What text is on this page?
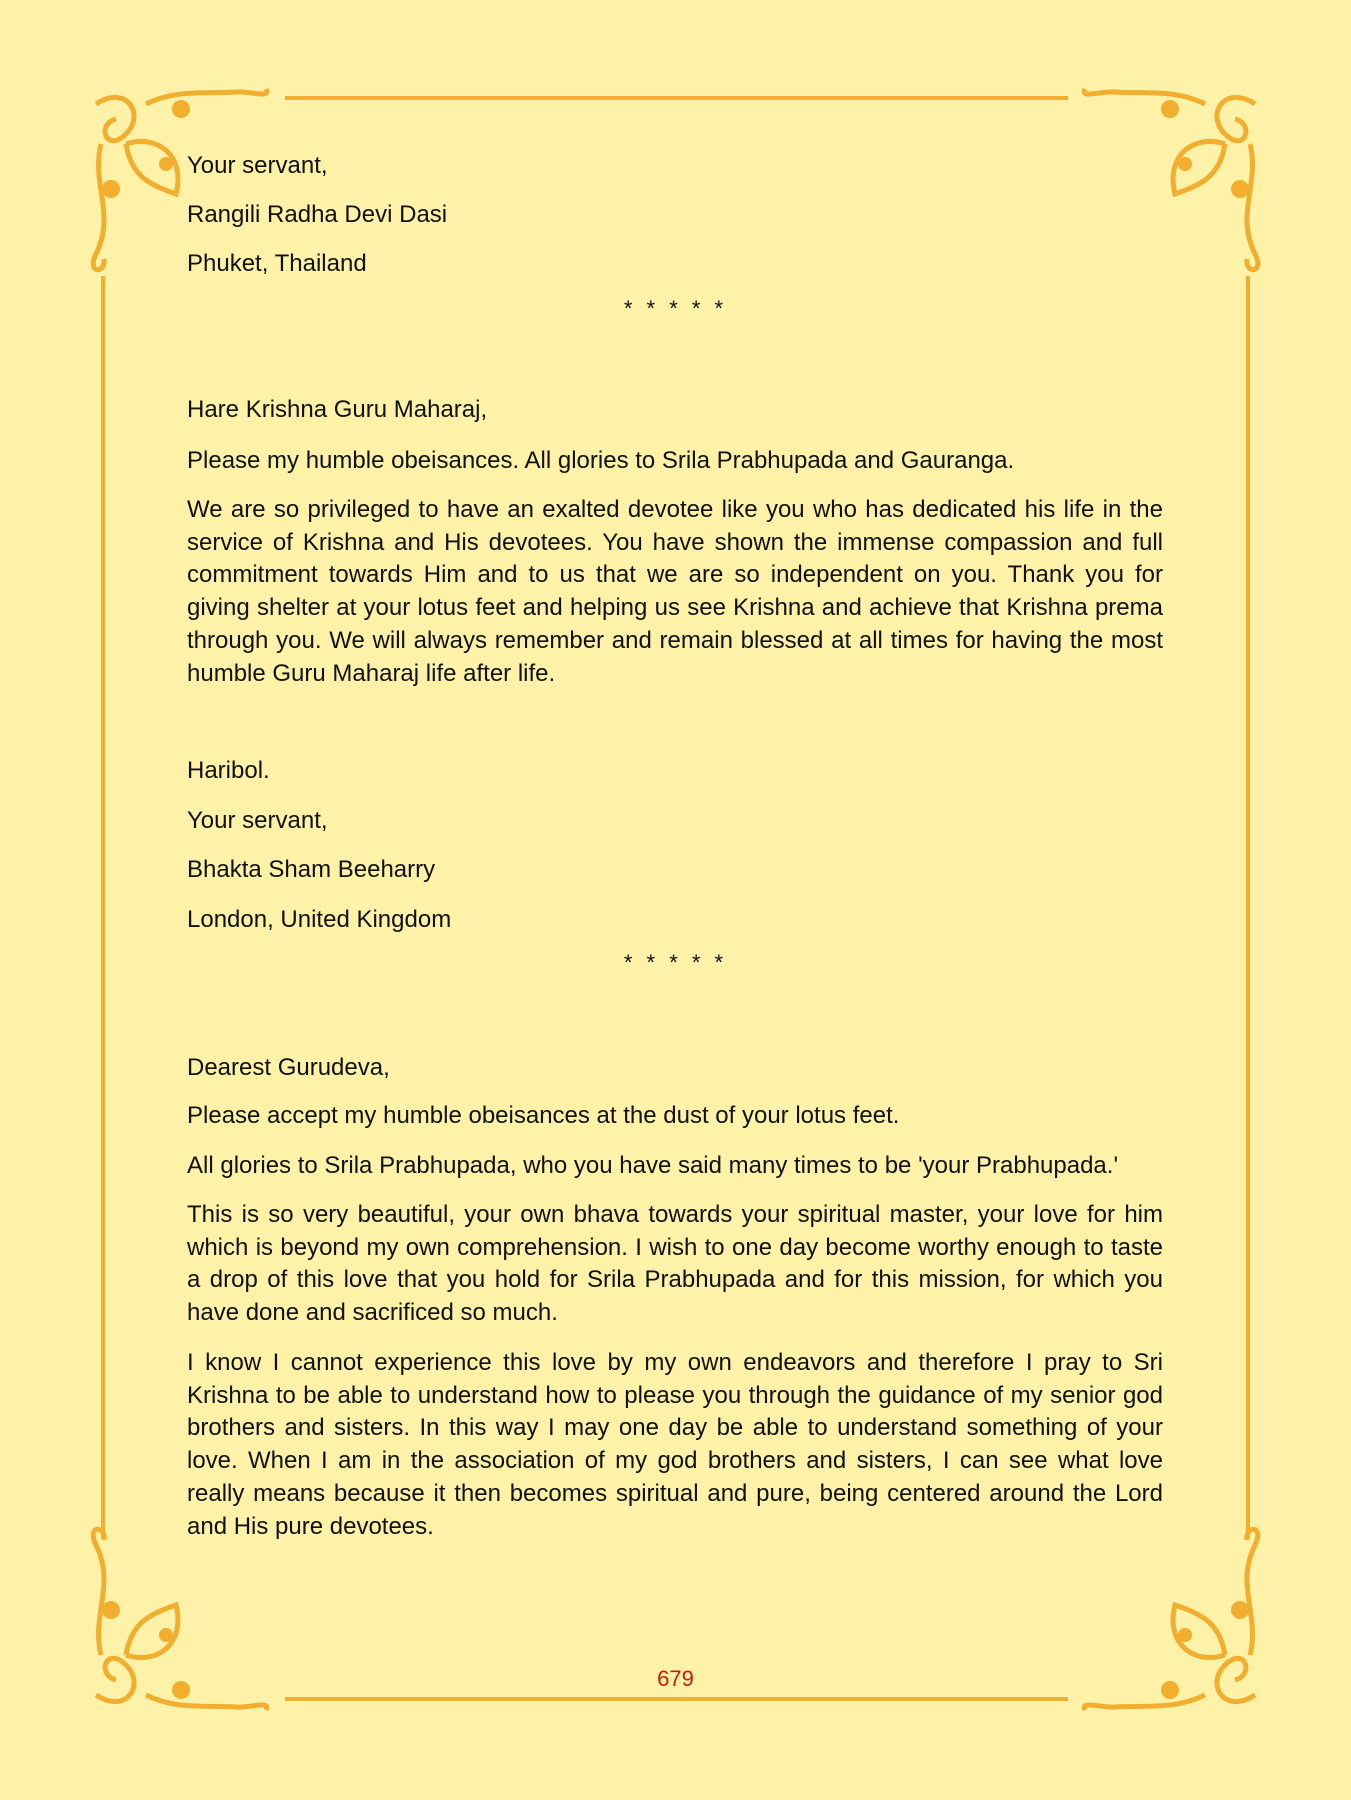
Your servant,

Rangili Radha Devi Dasi

Phuket, Thailand

* * * * *

Hare Krishna Guru Maharaj,

Please my humble obeisances. All glories to Srila Prabhupada and Gauranga.

We are so privileged to have an exalted devotee like you who has dedicated his life in the service of Krishna and His devotees. You have shown the immense compassion and full commitment towards Him and to us that we are so independent on you. Thank you for giving shelter at your lotus feet and helping us see Krishna and achieve that Krishna prema through you. We will always remember and remain blessed at all times for having the most humble Guru Maharaj life after life.

Haribol.

Your servant,

Bhakta Sham Beeharry

London, United Kingdom

* * * * *

Dearest Gurudeva,

Please accept my humble obeisances at the dust of your lotus feet.

All glories to Srila Prabhupada, who you have said many times to be 'your Prabhupada.'

This is so very beautiful, your own bhava towards your spiritual master, your love for him which is beyond my own comprehension. I wish to one day become worthy enough to taste a drop of this love that you hold for Srila Prabhupada and for this mission, for which you have done and sacrificed so much.

I know I cannot experience this love by my own endeavors and therefore I pray to Sri Krishna to be able to understand how to please you through the guidance of my senior god brothers and sisters. In this way I may one day be able to understand something of your love. When I am in the association of my god brothers and sisters, I can see what love really means because it then becomes spiritual and pure, being centered around the Lord and His pure devotees.

679
